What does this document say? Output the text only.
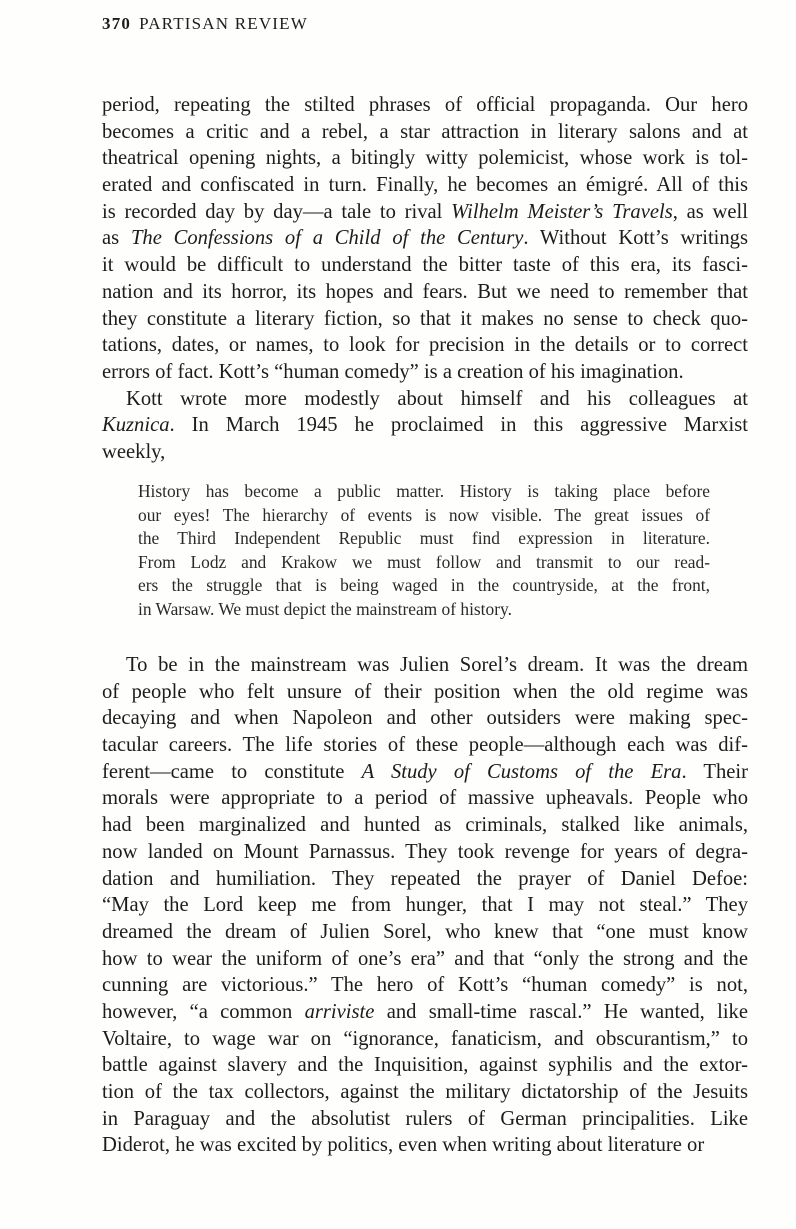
370 PARTISAN REVIEW
period, repeating the stilted phrases of official propaganda. Our hero
becomes a critic and a rebel, a star attraction in literary salons and at
theatrical opening nights, a bitingly witty polemicist, whose work is tol-
erated and confiscated in turn. Finally, he becomes an émigré. All of this
is recorded day by day—a tale to rival Wilhelm Meister’s Travels, as well
as The Confessions of a Child of the Century. Without Kott’s writings
it would be difficult to understand the bitter taste of this era, its fasci-
nation and its horror, its hopes and fears. But we need to remember that
they constitute a literary fiction, so that it makes no sense to check quo-
tations, dates, or names, to look for precision in the details or to correct
errors of fact. Kott’s “human comedy” is a creation of his imagination.
Kott wrote more modestly about himself and his colleagues at
Kuznica. In March 1945 he proclaimed in this aggressive Marxist
weekly,
History has become a public matter. History is taking place before
our eyes! The hierarchy of events is now visible. The great issues of
the Third Independent Republic must find expression in literature.
From Lodz and Krakow we must follow and transmit to our read-
ers the struggle that is being waged in the countryside, at the front,
in Warsaw. We must depict the mainstream of history.
To be in the mainstream was Julien Sorel’s dream. It was the dream
of people who felt unsure of their position when the old regime was
decaying and when Napoleon and other outsiders were making spec-
tacular careers. The life stories of these people—although each was dif-
ferent—came to constitute A Study of Customs of the Era. Their
morals were appropriate to a period of massive upheavals. People who
had been marginalized and hunted as criminals, stalked like animals,
now landed on Mount Parnassus. They took revenge for years of degra-
dation and humiliation. They repeated the prayer of Daniel Defoe:
“May the Lord keep me from hunger, that I may not steal.” They
dreamed the dream of Julien Sorel, who knew that “one must know
how to wear the uniform of one’s era” and that “only the strong and the
cunning are victorious.” The hero of Kott’s “human comedy” is not,
however, “a common arriviste and small-time rascal.” He wanted, like
Voltaire, to wage war on “ignorance, fanaticism, and obscurantism,” to
battle against slavery and the Inquisition, against syphilis and the extor-
tion of the tax collectors, against the military dictatorship of the Jesuits
in Paraguay and the absolutist rulers of German principalities. Like
Diderot, he was excited by politics, even when writing about literature or
